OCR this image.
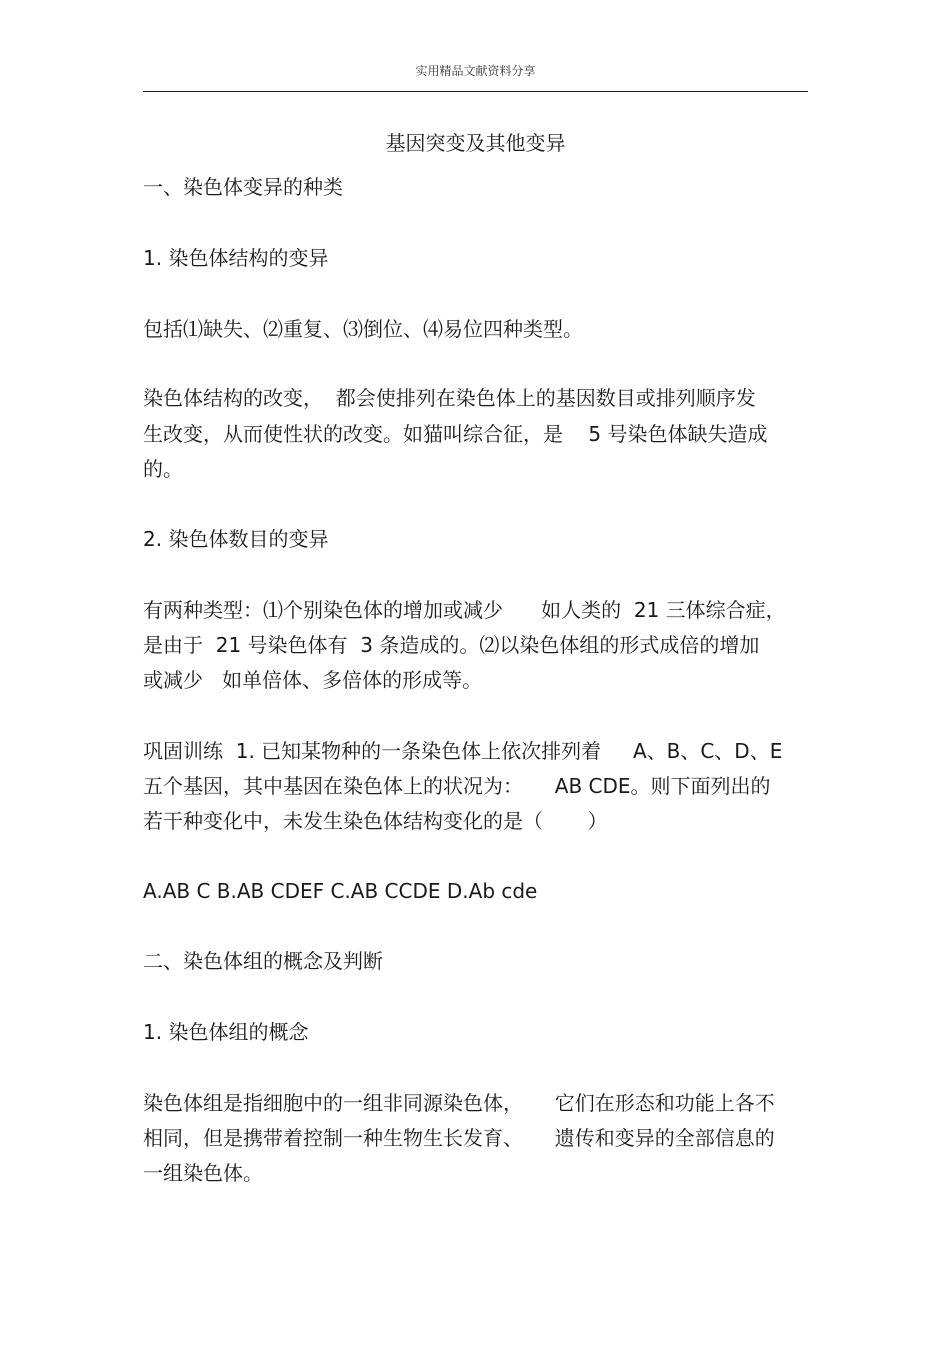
实用精品文献资料分享
基因突变及其他变异
一、染色体变异的种类
1. 染色体结构的变异
包括⑴缺失、⑵重复、⑶倒位、⑷易位四种类型。
染色体结构的改变，  都会使排列在染色体上的基因数目或排列顺序发
生改变，从而使性状的改变。如猫叫综合征，是    5 号染色体缺失造成
的。
2. 染色体数目的变异
有两种类型：⑴个别染色体的增加或减少      如人类的  21 三体综合症，
是由于  21 号染色体有  3 条造成的。⑵以染色体组的形式成倍的增加
或减少   如单倍体、多倍体的形成等。
巩固训练  1. 已知某物种的一条染色体上依次排列着     A、B、C、D、E
五个基因，其中基因在染色体上的状况为：     AB CDE。则下面列出的
若干种变化中，未发生染色体结构变化的是（       ）
A.AB C B.AB CDEF C.AB CCDE D.Ab cde
二、染色体组的概念及判断
1. 染色体组的概念
染色体组是指细胞中的一组非同源染色体，     它们在形态和功能上各不
相同，但是携带着控制一种生物生长发育、     遗传和变异的全部信息的
一组染色体。
